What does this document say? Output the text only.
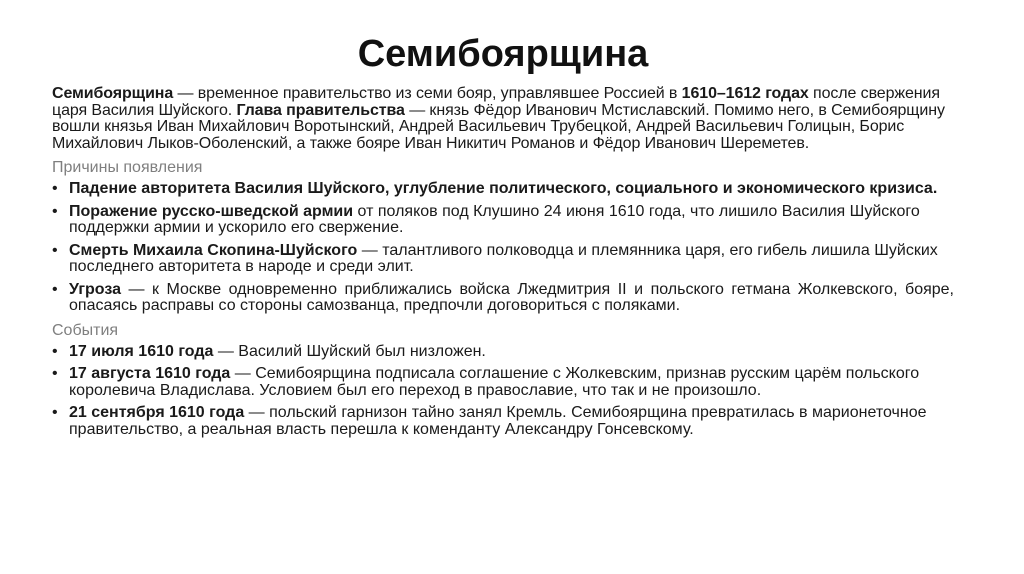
Семибоярщина
Семибоярщина — временное правительство из семи бояр, управлявшее Россией в 1610–1612 годах после свержения царя Василия Шуйского. Глава правительства — князь Фёдор Иванович Мстиславский. Помимо него, в Семибоярщину вошли князья Иван Михайлович Воротынский, Андрей Васильевич Трубецкой, Андрей Васильевич Голицын, Борис Михайлович Лыков-Оболенский, а также бояре Иван Никитич Романов и Фёдор Иванович Шереметев.
Причины появления
• Падение авторитета Василия Шуйского, углубление политического, социального и экономического кризиса.
• Поражение русско-шведской армии от поляков под Клушино 24 июня 1610 года, что лишило Василия Шуйского поддержки армии и ускорило его свержение.
• Смерть Михаила Скопина-Шуйского — талантливого полководца и племянника царя, его гибель лишила Шуйских последнего авторитета в народе и среди элит.
• Угроза — к Москве одновременно приближались войска Лжедмитрия II и польского гетмана Жолкевского, бояре, опасаясь расправы со стороны самозванца, предпочли договориться с поляками.
События
• 17 июля 1610 года — Василий Шуйский был низложен.
• 17 августа 1610 года — Семибоярщина подписала соглашение с Жолкевским, признав русским царём польского королевича Владислава. Условием был его переход в православие, что так и не произошло.
• 21 сентября 1610 года — польский гарнизон тайно занял Кремль. Семибоярщина превратилась в марионеточное правительство, а реальная власть перешла к коменданту Александру Гонсевскому.
